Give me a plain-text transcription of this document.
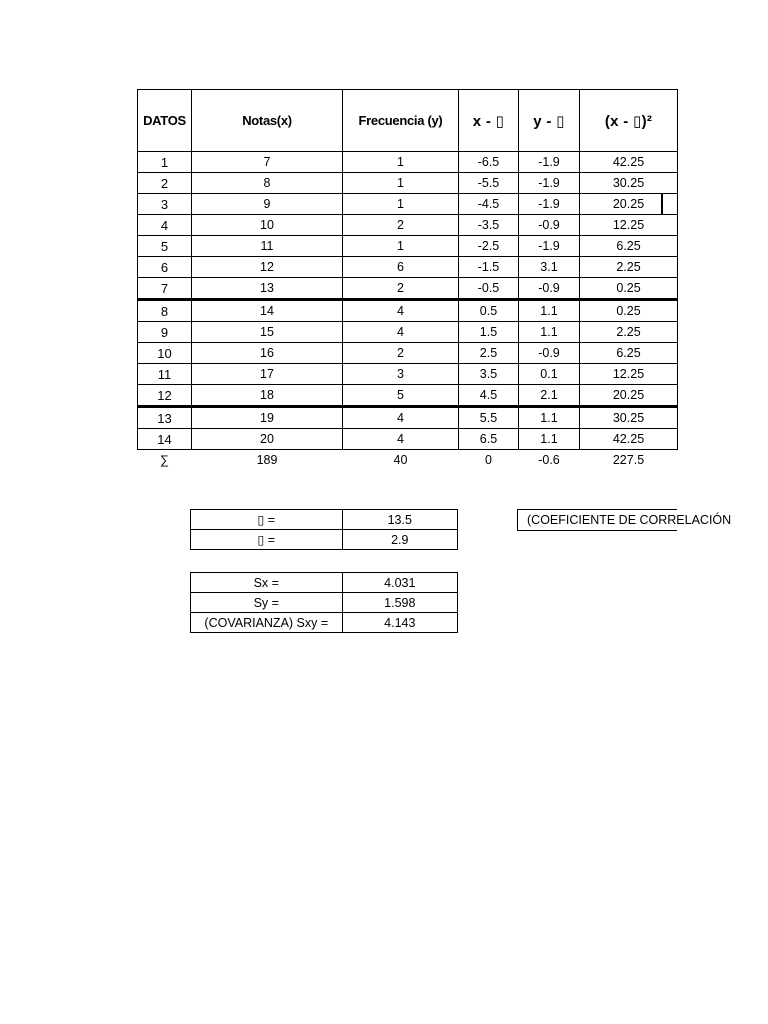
DATOS	Notas(x)	Frecuencia (y)	x - ▯	y - ▯	(x - ▯)²
1	7	1	-6.5	-1.9	42.25
2	8	1	-5.5	-1.9	30.25
3	9	1	-4.5	-1.9	20.25
4	10	2	-3.5	-0.9	12.25
5	11	1	-2.5	-1.9	6.25
6	12	6	-1.5	3.1	2.25
7	13	2	-0.5	-0.9	0.25
8	14	4	0.5	1.1	0.25
9	15	4	1.5	1.1	2.25
10	16	2	2.5	-0.9	6.25
11	17	3	3.5	0.1	12.25
12	18	5	4.5	2.1	20.25
13	19	4	5.5	1.1	30.25
14	20	4	6.5	1.1	42.25
∑	189	40	0	-0.6	227.5
▯ =	13.5
▯ =	2.9
Sx =	4.031
Sy =	1.598
(COVARIANZA) Sxy =	4.143
(COEFICIENTE DE CORRELACIÓN
